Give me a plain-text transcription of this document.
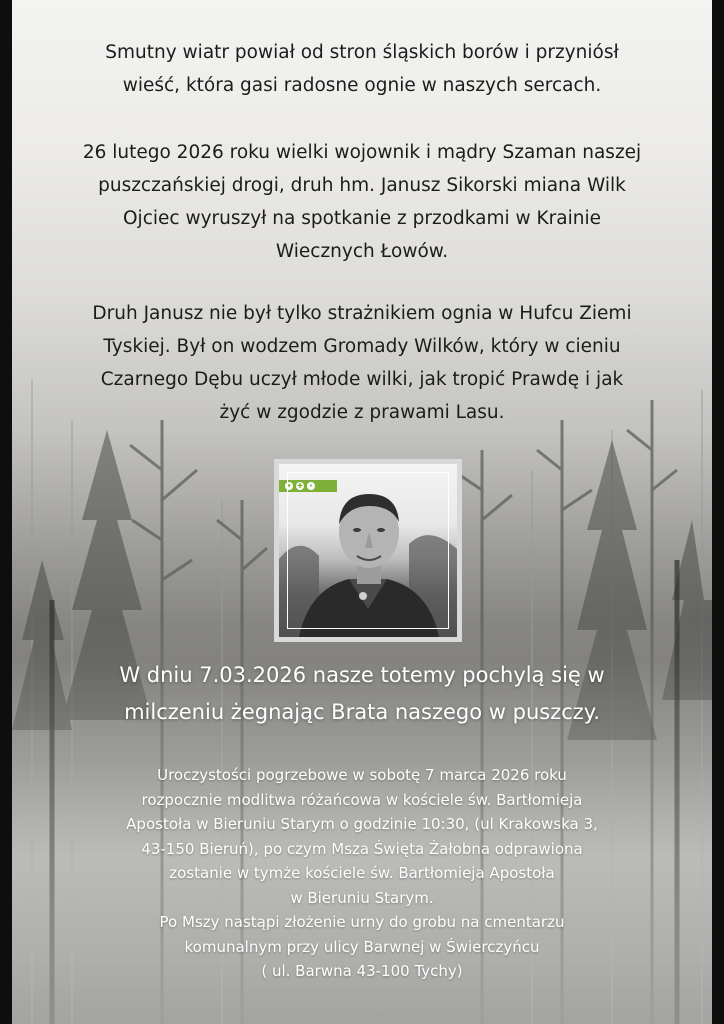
Smutny wiatr powiał od stron śląskich borów i przyniósł
wieść, która gasi radosne ognie w naszych sercach.
26 lutego 2026 roku wielki wojownik i mądry Szaman naszej
puszczańskiej drogi, druh hm. Janusz Sikorski miana Wilk
Ojciec wyruszył na spotkanie z przodkami w Krainie
Wiecznych Łowów.
Druh Janusz nie był tylko strażnikiem ognia w Hufcu Ziemi
Tyskiej. Był on wodzem Gromady Wilków, który w cieniu
Czarnego Dębu uczył młode wilki, jak tropić Prawdę i jak
żyć w zgodzie z prawami Lasu.
✦ ✚ •
W dniu 7.03.2026 nasze totemy pochylą się w
milczeniu żegnając Brata naszego w puszczy.
Uroczystości pogrzebowe w sobotę 7 marca 2026 roku
rozpocznie modlitwa różańcowa w kościele św. Bartłomieja
Apostoła w Bieruniu Starym o godzinie 10:30, (ul Krakowska 3,
43-150 Bieruń), po czym Msza Święta Żałobna odprawiona
zostanie w tymże kościele św. Bartłomieja Apostoła
w Bieruniu Starym.
Po Mszy nastąpi złożenie urny do grobu na cmentarzu
komunalnym przy ulicy Barwnej w Świerczyńcu
( ul. Barwna 43-100 Tychy)
